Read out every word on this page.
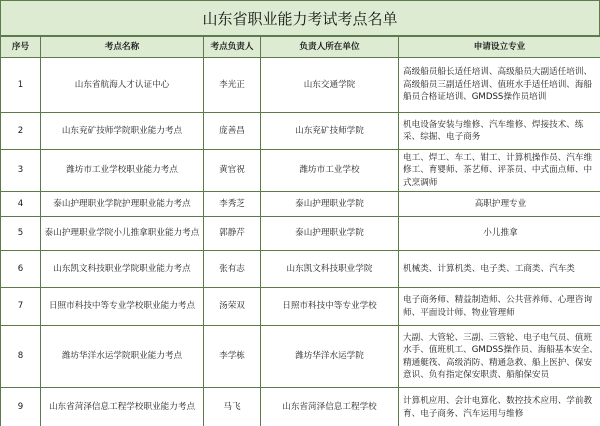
山东省职业能力考试考点名单
序号	考点名称	考点负责人	负责人所在单位	申请设立专业
1	山东省航海人才认证中心	李光正	山东交通学院	高级船员船长适任培训、高级船员大副适任培训、高级船员三副适任培训、值班水手适任培训、海船船员合格证培训、GMDSS操作员培训
2	山东兖矿技师学院职业能力考点	庞善昌	山东兖矿技师学院	机电设备安装与维修、汽车维修、焊接技术、练采、综掘、电子商务
3	潍坊市工业学校职业能力考点	黄官祝	潍坊市工业学校	电工、焊工、车工、钳工、计算机操作员、汽车维修工、育婴师、茶艺师、评茶员、中式面点师、中式烹调师
4	泰山护理职业学院护理职业能力考点	李秀芝	泰山护理职业学院	高职护理专业
5	泰山护理职业学院小儿推拿职业能力考点	郭静芹	泰山护理职业学院	小儿推拿
6	山东凯文科技职业学院职业能力考点	张有志	山东凯文科技职业学院	机械类、计算机类、电子类、工商类、汽车类
7	日照市科技中等专业学校职业能力考点	汤荣双	日照市科技中等专业学校	电子商务师、精益制造师、公共营养师、心理咨询师、平面设计师、物业管理师
8	潍坊华洋水运学院职业能力考点	李学栋	潍坊华洋水运学院	大副、大管轮、三副、三管轮、电子电气员、值班水手、值班机工、GMDSS操作员、海船基本安全、精通艇筏、高级消防、精通急救、船上医护、保安意识、负有指定保安职责、船舶保安员
9	山东省菏泽信息工程学校职业能力考点	马飞	山东省菏泽信息工程学校	计算机应用、会计电算化、数控技术应用、学前教育、电子商务、汽车运用与维修
